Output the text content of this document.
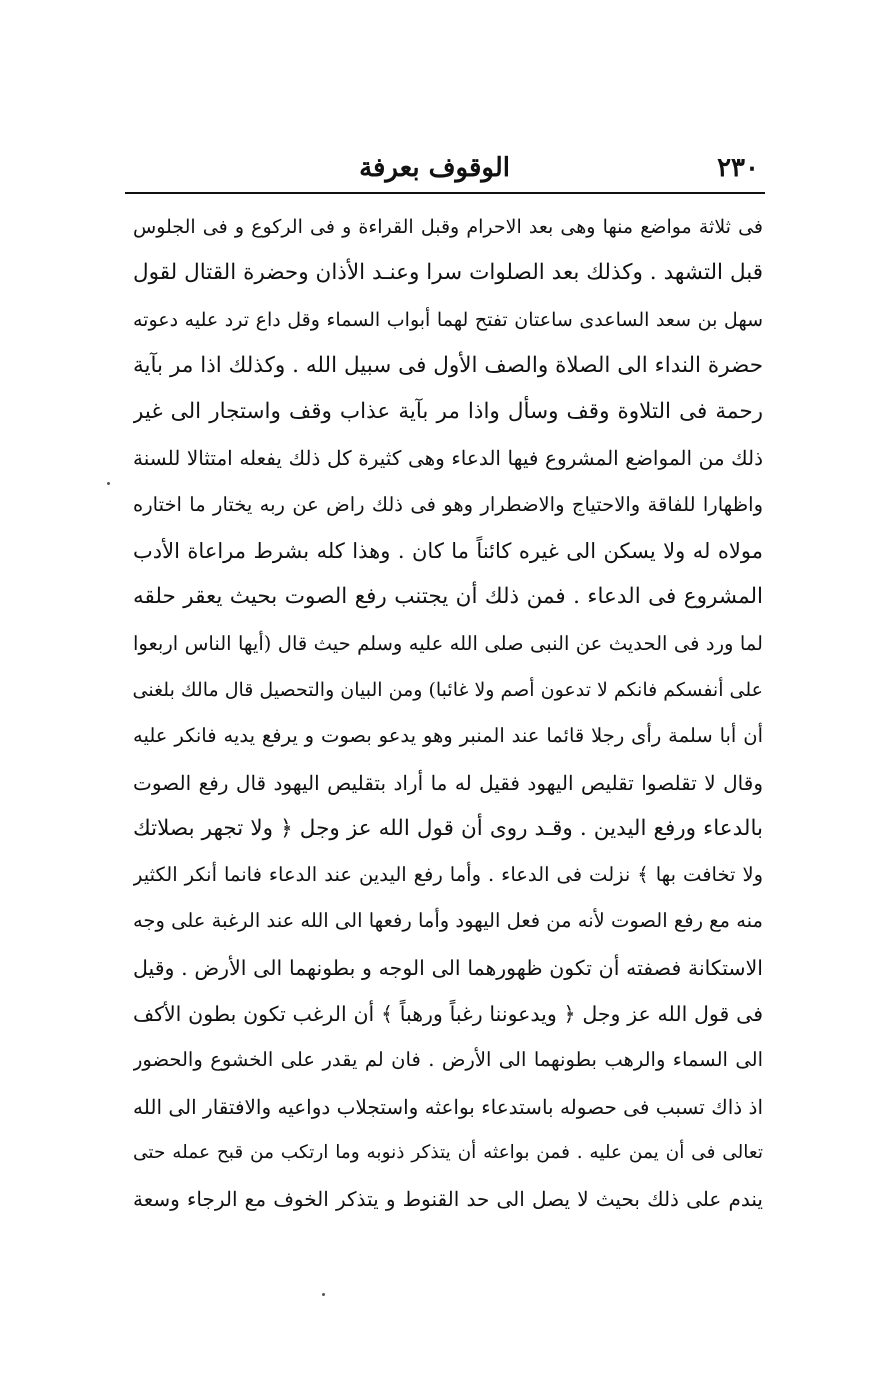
٢٣٠
الوقوف بعرفة
فى ثلاثة مواضع منها وهى بعد الاحرام وقبل القراءة و فى الركوع و فى الجلوس
قبل التشهد . وكذلك بعد الصلوات سرا وعنـد الأذان وحضرة القتال لقول
سهل بن سعد الساعدى ساعتان تفتح لهما أبواب السماء وقل داع ترد عليه دعوته
حضرة النداء الى الصلاة والصف الأول فى سبيل الله . وكذلك اذا مر بآية
رحمة فى التلاوة وقف وسأل واذا مر بآية عذاب وقف واستجار الى غير
ذلك من المواضع المشروع فيها الدعاء وهى كثيرة كل ذلك يفعله امتثالا للسنة
واظهارا للفاقة والاحتياج والاضطرار وهو فى ذلك راض عن ربه يختار ما اختاره
مولاه له ولا يسكن الى غيره كائناً ما كان . وهذا كله بشرط مراعاة الأدب
المشروع فى الدعاء . فمن ذلك أن يجتنب رفع الصوت بحيث يعقر حلقه
لما ورد فى الحديث عن النبى صلى الله عليه وسلم حيث قال (أيها الناس اربعوا
على أنفسكم فانكم لا تدعون أصم ولا غائبا) ومن البيان والتحصيل قال مالك بلغنى
أن أبا سلمة رأى رجلا قائما عند المنبر وهو يدعو بصوت و يرفع يديه فانكر عليه
وقال لا تقلصوا تقليص اليهود فقيل له ما أراد بتقليص اليهود قال رفع الصوت
بالدعاء ورفع اليدين . وقـد روى أن قول الله عز وجل ﴿ ولا تجهر بصلاتك
ولا تخافت بها ﴾ نزلت فى الدعاء . وأما رفع اليدين عند الدعاء فانما أنكر الكثير
منه مع رفع الصوت لأنه من فعل اليهود وأما رفعها الى الله عند الرغبة على وجه
الاستكانة فصفته أن تكون ظهورهما الى الوجه و بطونهما الى الأرض . وقيل
فى قول الله عز وجل ﴿ ويدعوننا رغباً ورهباً ﴾ أن الرغب تكون بطون الأكف
الى السماء والرهب بطونهما الى الأرض . فان لم يقدر على الخشوع والحضور
اذ ذاك تسبب فى حصوله باستدعاء بواعثه واستجلاب دواعيه والافتقار الى الله
تعالى فى أن يمن عليه . فمن بواعثه أن يتذكر ذنوبه وما ارتكب من قبح عمله حتى
يندم على ذلك بحيث لا يصل الى حد القنوط و يتذكر الخوف مع الرجاء وسعة
